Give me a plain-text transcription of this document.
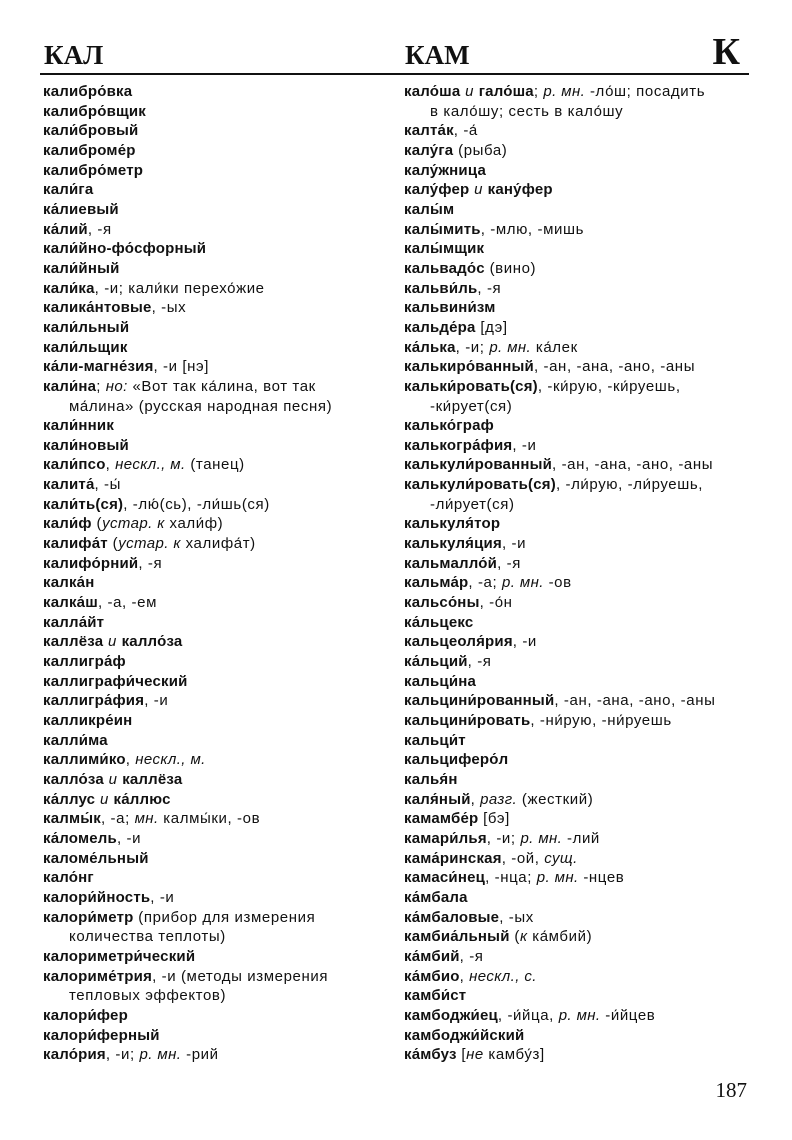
КАЛ	КАМ	К
калибро́вка
калибро́вщик
кали́бровый
калиброме́р
калибро́метр
кали́га
ка́лиевый
ка́лий, -я
кали́йно-фо́сфорный
кали́йный
кали́ка, -и; кали́ки перехо́жие
калика́нтовые, -ых
кали́льный
кали́льщик
ка́ли-магне́зия, -и [нэ]
кали́на; но: «Вот так ка́лина, вот так
ма́лина» (русская народная песня)
кали́нник
кали́новый
кали́псо, нескл., м. (танец)
калита́, -ы́
кали́ть(ся), -лю́(сь), -ли́шь(ся)
кали́ф (устар. к хали́ф)
калифа́т (устар. к халифа́т)
калифо́рний, -я
калка́н
калка́ш, -а, -ем
калла́йт
каллёза и калло́за
каллигра́ф
каллиграфи́ческий
каллигра́фия, -и
калликре́ин
калли́ма
каллими́ко, нескл., м.
калло́за и каллёза
ка́ллус и ка́ллюс
калмы́к, -а; мн. калмы́ки, -ов
ка́ломель, -и
каломе́льный
кало́нг
калори́йность, -и
калори́метр (прибор для измерения
количества теплоты)
калориметри́ческий
калориме́трия, -и (методы измерения
тепловых эффектов)
калори́фер
калори́ферный
кало́рия, -и; р. мн. -рий
кало́ша и гало́ша; р. мн. -ло́ш; посадить
в кало́шу; сесть в кало́шу
калта́к, -а́
калу́га (рыба)
калу́жница
калу́фер и кану́фер
калы́м
калы́мить, -млю, -мишь
калы́мщик
кальвадо́с (вино)
кальви́ль, -я
кальвини́зм
кальде́ра [дэ]
ка́лька, -и; р. мн. ка́лек
калькиро́ванный, -ан, -ана, -ано, -аны
кальки́ровать(ся), -ки́рую, -ки́руешь,
-ки́рует(ся)
калько́граф
калькогра́фия, -и
калькули́рованный, -ан, -ана, -ано, -аны
калькули́ровать(ся), -ли́рую, -ли́руешь,
-ли́рует(ся)
калькуля́тор
калькуля́ция, -и
кальмалло́й, -я
кальма́р, -а; р. мн. -ов
кальсо́ны, -о́н
ка́льцекс
кальцеоля́рия, -и
ка́льций, -я
кальци́на
кальцини́рованный, -ан, -ана, -ано, -аны
кальцини́ровать, -ни́рую, -ни́руешь
кальци́т
кальциферо́л
калья́н
каля́ный, разг. (жесткий)
камамбе́р [бэ]
камари́лья, -и; р. мн. -лий
кама́ринская, -ой, сущ.
камаси́нец, -нца; р. мн. -нцев
ка́мбала
ка́мбаловые, -ых
камбиа́льный (к ка́мбий)
ка́мбий, -я
ка́мбио, нескл., с.
камби́ст
камбоджи́ец, -и́йца, р. мн. -и́йцев
камбоджи́йский
ка́мбуз [не камбу́з]
187
